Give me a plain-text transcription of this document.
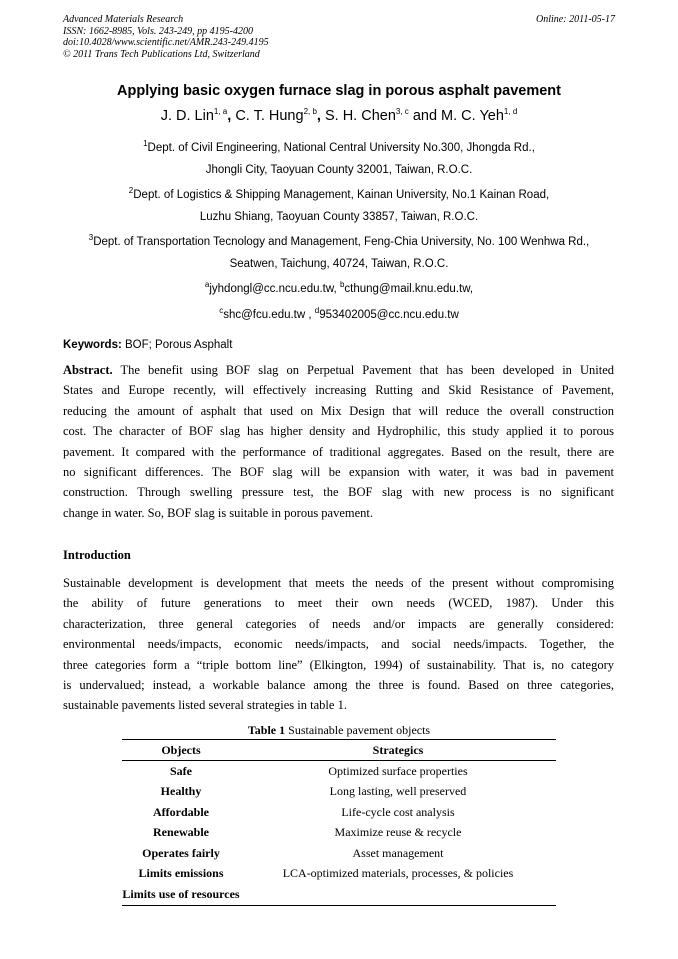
Advanced Materials Research
ISSN: 1662-8985, Vols. 243-249, pp 4195-4200
doi:10.4028/www.scientific.net/AMR.243-249.4195
© 2011 Trans Tech Publications Ltd, Switzerland
Online: 2011-05-17
Applying basic oxygen furnace slag in porous asphalt pavement
J. D. Lin$^{1, a}$, C. T. Hung$^{2, b}$, S. H. Chen$^{3, c}$ and M. C. Yeh$^{1, d}$
$^1$Dept. of Civil Engineering, National Central University No.300, Jhongda Rd.,
Jhongli City, Taoyuan County 32001, Taiwan, R.O.C.
$^2$Dept. of Logistics & Shipping Management, Kainan University, No.1 Kainan Road,
Luzhu Shiang, Taoyuan County 33857, Taiwan, R.O.C.
$^3$Dept. of Transportation Tecnology and Management, Feng-Chia University, No. 100 Wenhwa Rd.,
Seatwen, Taichung, 40724, Taiwan, R.O.C.
$^a$jyhdongl@cc.ncu.edu.tw, $^b$cthung@mail.knu.edu.tw,
$^c$shc@fcu.edu.tw , $^d$953402005@cc.ncu.edu.tw
Keywords: BOF; Porous Asphalt
Abstract. The benefit using BOF slag on Perpetual Pavement that has been developed in United
States and Europe recently, will effectively increasing Rutting and Skid Resistance of Pavement,
reducing the amount of asphalt that used on Mix Design that will reduce the overall construction
cost. The character of BOF slag has higher density and Hydrophilic, this study applied it to porous
pavement. It compared with the performance of traditional aggregates. Based on the result, there are
no significant differences. The BOF slag will be expansion with water, it was bad in pavement
construction. Through swelling pressure test, the BOF slag with new process is no significant
change in water. So, BOF slag is suitable in porous pavement.
Introduction
Sustainable development is development that meets the needs of the present without compromising
the ability of future generations to meet their own needs (WCED, 1987). Under this
characterization, three general categories of needs and/or impacts are generally considered:
environmental needs/impacts, economic needs/impacts, and social needs/impacts. Together, the
three categories form a “triple bottom line” (Elkington, 1994) of sustainability. That is, no category
is undervalued; instead, a workable balance among the three is found. Based on three categories,
sustainable pavements listed several strategies in table 1.
Table 1 Sustainable pavement objects
Objects	Strategics
Safe	Optimized surface properties
Healthy	Long lasting, well preserved
Affordable	Life-cycle cost analysis
Renewable	Maximize reuse & recycle
Operates fairly	Asset management
Limits emissions	LCA-optimized materials, processes, & policies
Limits use of resources	
